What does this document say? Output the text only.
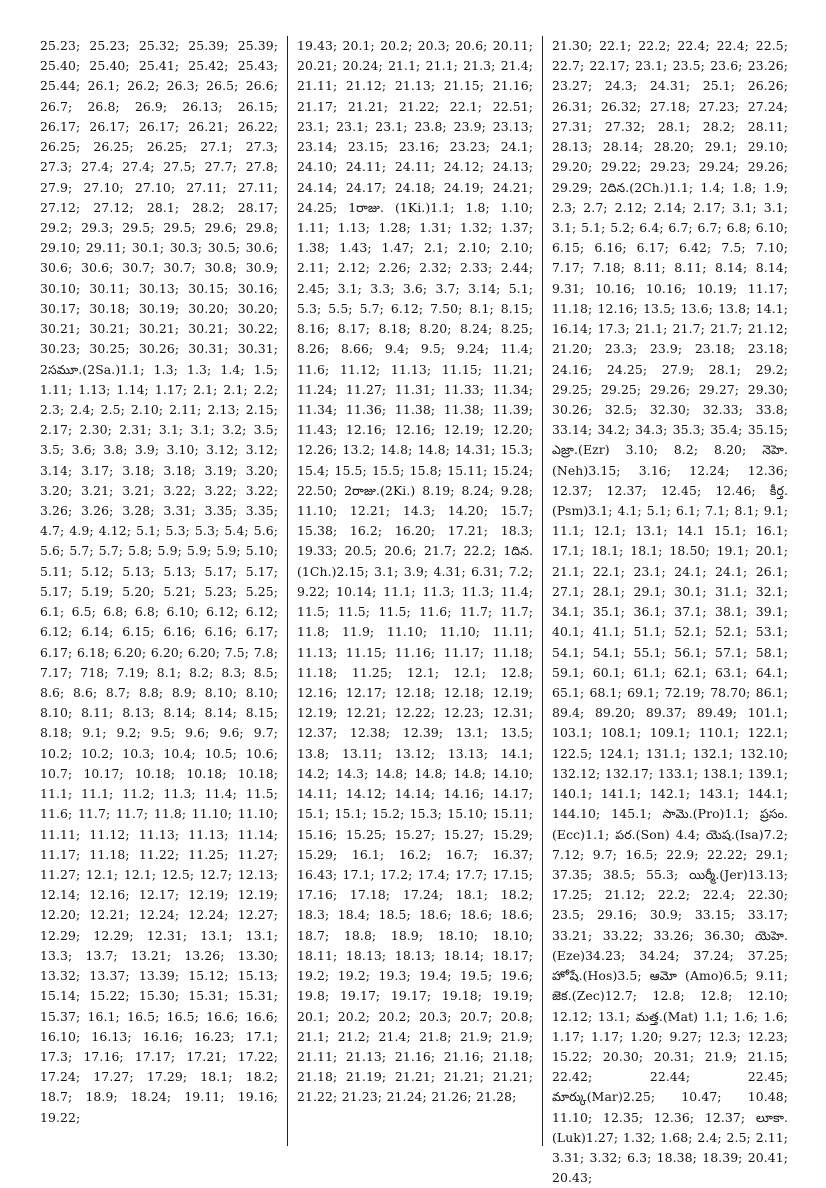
25.23; 25.23; 25.32; 25.39; 25.39; 25.40; 25.40; 25.41; 25.42; 25.43; 25.44; 26.1; 26.2; 26.3; 26.5; 26.6; 26.7; 26.8; 26.9; 26.13; 26.15; 26.17; 26.17; 26.17; 26.21; 26.22; 26.25; 26.25; 26.25; 27.1; 27.3; 27.3; 27.4; 27.4; 27.5; 27.7; 27.8; 27.9; 27.10; 27.10; 27.11; 27.11; 27.12; 27.12; 28.1; 28.2; 28.17; 29.2; 29.3; 29.5; 29.5; 29.6; 29.8; 29.10; 29.11; 30.1; 30.3; 30.5; 30.6; 30.6; 30.6; 30.7; 30.7; 30.8; 30.9; 30.10; 30.11; 30.13; 30.15; 30.16; 30.17; 30.18; 30.19; 30.20; 30.20; 30.21; 30.21; 30.21; 30.21; 30.22; 30.23; 30.25; 30.26; 30.31; 30.31; 2సమూ.(2Sa.)1.1; 1.3; 1.3; 1.4; 1.5; 1.11; 1.13; 1.14; 1.17; 2.1; 2.1; 2.2; 2.3; 2.4; 2.5; 2.10; 2.11; 2.13; 2.15; 2.17; 2.30; 2.31; 3.1; 3.1; 3.2; 3.5; 3.5; 3.6; 3.8; 3.9; 3.10; 3.12; 3.12; 3.14; 3.17; 3.18; 3.18; 3.19; 3.20; 3.20; 3.21; 3.21; 3.22; 3.22; 3.22; 3.26; 3.26; 3.28; 3.31; 3.35; 3.35; 4.7; 4.9; 4.12; 5.1; 5.3; 5.3; 5.4; 5.6; 5.6; 5.7; 5.7; 5.8; 5.9; 5.9; 5.9; 5.10; 5.11; 5.12; 5.13; 5.13; 5.17; 5.17; 5.17; 5.19; 5.20; 5.21; 5.23; 5.25; 6.1; 6.5; 6.8; 6.8; 6.10; 6.12; 6.12; 6.12; 6.14; 6.15; 6.16; 6.16; 6.17; 6.17; 6.18; 6.20; 6.20; 6.20; 7.5; 7.8; 7.17; 718; 7.19; 8.1; 8.2; 8.3; 8.5; 8.6; 8.6; 8.7; 8.8; 8.9; 8.10; 8.10; 8.10; 8.11; 8.13; 8.14; 8.14; 8.15; 8.18; 9.1; 9.2; 9.5; 9.6; 9.6; 9.7; 10.2; 10.2; 10.3; 10.4; 10.5; 10.6; 10.7; 10.17; 10.18; 10.18; 10.18; 11.1; 11.1; 11.2; 11.3; 11.4; 11.5; 11.6; 11.7; 11.7; 11.8; 11.10; 11.10; 11.11; 11.12; 11.13; 11.13; 11.14; 11.17; 11.18; 11.22; 11.25; 11.27; 11.27; 12.1; 12.1; 12.5; 12.7; 12.13; 12.14; 12.16; 12.17; 12.19; 12.19; 12.20; 12.21; 12.24; 12.24; 12.27; 12.29; 12.29; 12.31; 13.1; 13.1; 13.3; 13.7; 13.21; 13.26; 13.30; 13.32; 13.37; 13.39; 15.12; 15.13; 15.14; 15.22; 15.30; 15.31; 15.31; 15.37; 16.1; 16.5; 16.5; 16.6; 16.6; 16.10; 16.13; 16.16; 16.23; 17.1; 17.3; 17.16; 17.17; 17.21; 17.22; 17.24; 17.27; 17.29; 18.1; 18.2; 18.7; 18.9; 18.24; 19.11; 19.16; 19.22;
19.43; 20.1; 20.2; 20.3; 20.6; 20.11; 20.21; 20.24; 21.1; 21.1; 21.3; 21.4; 21.11; 21.12; 21.13; 21.15; 21.16; 21.17; 21.21; 21.22; 22.1; 22.51; 23.1; 23.1; 23.1; 23.8; 23.9; 23.13; 23.14; 23.15; 23.16; 23.23; 24.1; 24.10; 24.11; 24.11; 24.12; 24.13; 24.14; 24.17; 24.18; 24.19; 24.21; 24.25; 1రాజు. (1Ki.)1.1; 1.8; 1.10; 1.11; 1.13; 1.28; 1.31; 1.32; 1.37; 1.38; 1.43; 1.47; 2.1; 2.10; 2.10; 2.11; 2.12; 2.26; 2.32; 2.33; 2.44; 2.45; 3.1; 3.3; 3.6; 3.7; 3.14; 5.1; 5.3; 5.5; 5.7; 6.12; 7.50; 8.1; 8.15; 8.16; 8.17; 8.18; 8.20; 8.24; 8.25; 8.26; 8.66; 9.4; 9.5; 9.24; 11.4; 11.6; 11.12; 11.13; 11.15; 11.21; 11.24; 11.27; 11.31; 11.33; 11.34; 11.34; 11.36; 11.38; 11.38; 11.39; 11.43; 12.16; 12.16; 12.19; 12.20; 12.26; 13.2; 14.8; 14.8; 14.31; 15.3; 15.4; 15.5; 15.5; 15.8; 15.11; 15.24; 22.50; 2రాజు.(2Ki.) 8.19; 8.24; 9.28; 11.10; 12.21; 14.3; 14.20; 15.7; 15.38; 16.2; 16.20; 17.21; 18.3; 19.33; 20.5; 20.6; 21.7; 22.2; 1దిన.(1Ch.)2.15; 3.1; 3.9; 4.31; 6.31; 7.2; 9.22; 10.14; 11.1; 11.3; 11.3; 11.4; 11.5; 11.5; 11.5; 11.6; 11.7; 11.7; 11.8; 11.9; 11.10; 11.10; 11.11; 11.13; 11.15; 11.16; 11.17; 11.18; 11.18; 11.25; 12.1; 12.1; 12.8; 12.16; 12.17; 12.18; 12.18; 12.19; 12.19; 12.21; 12.22; 12.23; 12.31; 12.37; 12.38; 12.39; 13.1; 13.5; 13.8; 13.11; 13.12; 13.13; 14.1; 14.2; 14.3; 14.8; 14.8; 14.8; 14.10; 14.11; 14.12; 14.14; 14.16; 14.17; 15.1; 15.1; 15.2; 15.3; 15.10; 15.11; 15.16; 15.25; 15.27; 15.27; 15.29; 15.29; 16.1; 16.2; 16.7; 16.37; 16.43; 17.1; 17.2; 17.4; 17.7; 17.15; 17.16; 17.18; 17.24; 18.1; 18.2; 18.3; 18.4; 18.5; 18.6; 18.6; 18.6; 18.7; 18.8; 18.9; 18.10; 18.10; 18.11; 18.13; 18.13; 18.14; 18.17; 19.2; 19.2; 19.3; 19.4; 19.5; 19.6; 19.8; 19.17; 19.17; 19.18; 19.19; 20.1; 20.2; 20.2; 20.3; 20.7; 20.8; 21.1; 21.2; 21.4; 21.8; 21.9; 21.9; 21.11; 21.13; 21.16; 21.16; 21.18; 21.18; 21.19; 21.21; 21.21; 21.21; 21.22; 21.23; 21.24; 21.26; 21.28;
21.30; 22.1; 22.2; 22.4; 22.4; 22.5; 22.7; 22.17; 23.1; 23.5; 23.6; 23.26; 23.27; 24.3; 24.31; 25.1; 26.26; 26.31; 26.32; 27.18; 27.23; 27.24; 27.31; 27.32; 28.1; 28.2; 28.11; 28.13; 28.14; 28.20; 29.1; 29.10; 29.20; 29.22; 29.23; 29.24; 29.26; 29.29; 2దిన.(2Ch.)1.1; 1.4; 1.8; 1.9; 2.3; 2.7; 2.12; 2.14; 2.17; 3.1; 3.1; 3.1; 5.1; 5.2; 6.4; 6.7; 6.7; 6.8; 6.10; 6.15; 6.16; 6.17; 6.42; 7.5; 7.10; 7.17; 7.18; 8.11; 8.11; 8.14; 8.14; 9.31; 10.16; 10.16; 10.19; 11.17; 11.18; 12.16; 13.5; 13.6; 13.8; 14.1; 16.14; 17.3; 21.1; 21.7; 21.7; 21.12; 21.20; 23.3; 23.9; 23.18; 23.18; 24.16; 24.25; 27.9; 28.1; 29.2; 29.25; 29.25; 29.26; 29.27; 29.30; 30.26; 32.5; 32.30; 32.33; 33.8; 33.14; 34.2; 34.3; 35.3; 35.4; 35.15; ఎజ్రా.(Ezr) 3.10; 8.2; 8.20; నెహె.(Neh)3.15; 3.16; 12.24; 12.36; 12.37; 12.37; 12.45; 12.46; కీర్త.(Psm)3.1; 4.1; 5.1; 6.1; 7.1; 8.1; 9.1; 11.1; 12.1; 13.1; 14.1 15.1; 16.1; 17.1; 18.1; 18.1; 18.50; 19.1; 20.1; 21.1; 22.1; 23.1; 24.1; 24.1; 26.1; 27.1; 28.1; 29.1; 30.1; 31.1; 32.1; 34.1; 35.1; 36.1; 37.1; 38.1; 39.1; 40.1; 41.1; 51.1; 52.1; 52.1; 53.1; 54.1; 54.1; 55.1; 56.1; 57.1; 58.1; 59.1; 60.1; 61.1; 62.1; 63.1; 64.1; 65.1; 68.1; 69.1; 72.19; 78.70; 86.1; 89.4; 89.20; 89.37; 89.49; 101.1; 103.1; 108.1; 109.1; 110.1; 122.1; 122.5; 124.1; 131.1; 132.1; 132.10; 132.12; 132.17; 133.1; 138.1; 139.1; 140.1; 141.1; 142.1; 143.1; 144.1; 144.10; 145.1; సామె.(Pro)1.1; ప్రసం.(Ecc)1.1; పర.(Son) 4.4; యెష.(Isa)7.2; 7.12; 9.7; 16.5; 22.9; 22.22; 29.1; 37.35; 38.5; 55.3; యిర్మీ.(Jer)13.13; 17.25; 21.12; 22.2; 22.4; 22.30; 23.5; 29.16; 30.9; 33.15; 33.17; 33.21; 33.22; 33.26; 36.30; యెహె.(Eze)34.23; 34.24; 37.24; 37.25; హోషే.(Hos)3.5; ఆమో (Amo)6.5; 9.11; జెక.(Zec)12.7; 12.8; 12.8; 12.10; 12.12; 13.1; మత్త.(Mat) 1.1; 1.6; 1.6; 1.17; 1.17; 1.20; 9.27; 12.3; 12.23; 15.22; 20.30; 20.31; 21.9; 21.15; 22.42; 22.44; 22.45; మార్కు(Mar)2.25; 10.47; 10.48; 11.10; 12.35; 12.36; 12.37; లూకా.(Luk)1.27; 1.32; 1.68; 2.4; 2.5; 2.11; 3.31; 3.32; 6.3; 18.38; 18.39; 20.41; 20.43;
